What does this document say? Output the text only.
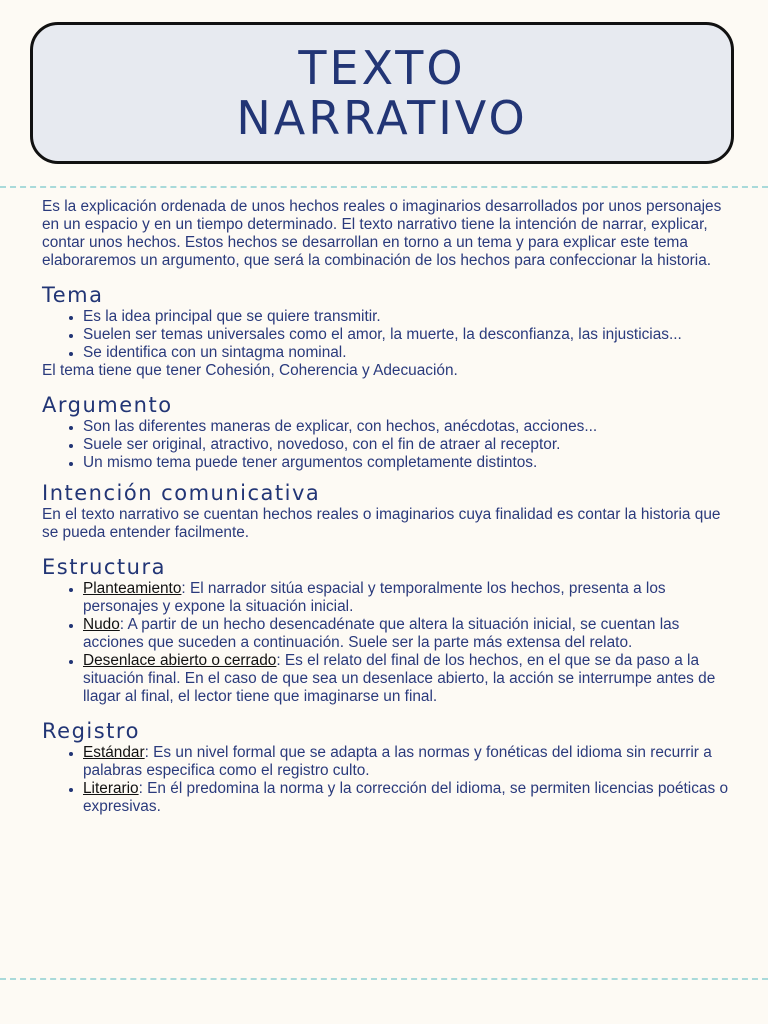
TEXTO
NARRATIVO

Es la explicación ordenada de unos hechos reales o imaginarios desarrollados por unos personajes en un espacio y en un tiempo determinado. El texto narrativo tiene la intención de narrar, explicar, contar unos hechos. Estos hechos se desarrollan en torno a un tema y para explicar este tema elaboraremos un argumento, que será la combinación de los hechos para confeccionar la historia.

Tema
• Es la idea principal que se quiere transmitir.
• Suelen ser temas universales como el amor, la muerte, la desconfianza, las injusticias...
• Se identifica con un sintagma nominal.

El tema tiene que tener Cohesión, Coherencia y Adecuación.

Argumento
• Son las diferentes maneras de explicar, con hechos, anécdotas, acciones...
• Suele ser original, atractivo, novedoso, con el fin de atraer al receptor.
• Un mismo tema puede tener argumentos completamente distintos.
Intención comunicativa

En el texto narrativo se cuentan hechos reales o imaginarios cuya finalidad es contar la historia que se pueda entender facilmente.

Estructura
• Planteamiento: El narrador sitúa espacial y temporalmente los hechos, presenta a los personajes y expone la situación inicial.
• Nudo: A partir de un hecho desencadénate que altera la situación inicial, se cuentan las acciones que suceden a continuación. Suele ser la parte más extensa del relato.
• Desenlace abierto o cerrado: Es el relato del final de los hechos, en el que se da paso a la situación final. En el caso de que sea un desenlace abierto, la acción se interrumpe antes de llagar al final, el lector tiene que imaginarse un final.
Registro
• Estándar: Es un nivel formal que se adapta a las normas y fonéticas del idioma sin recurrir a palabras especifica como el registro culto.
• Literario: En él predomina la norma y la corrección del idioma, se permiten licencias poéticas o expresivas.
